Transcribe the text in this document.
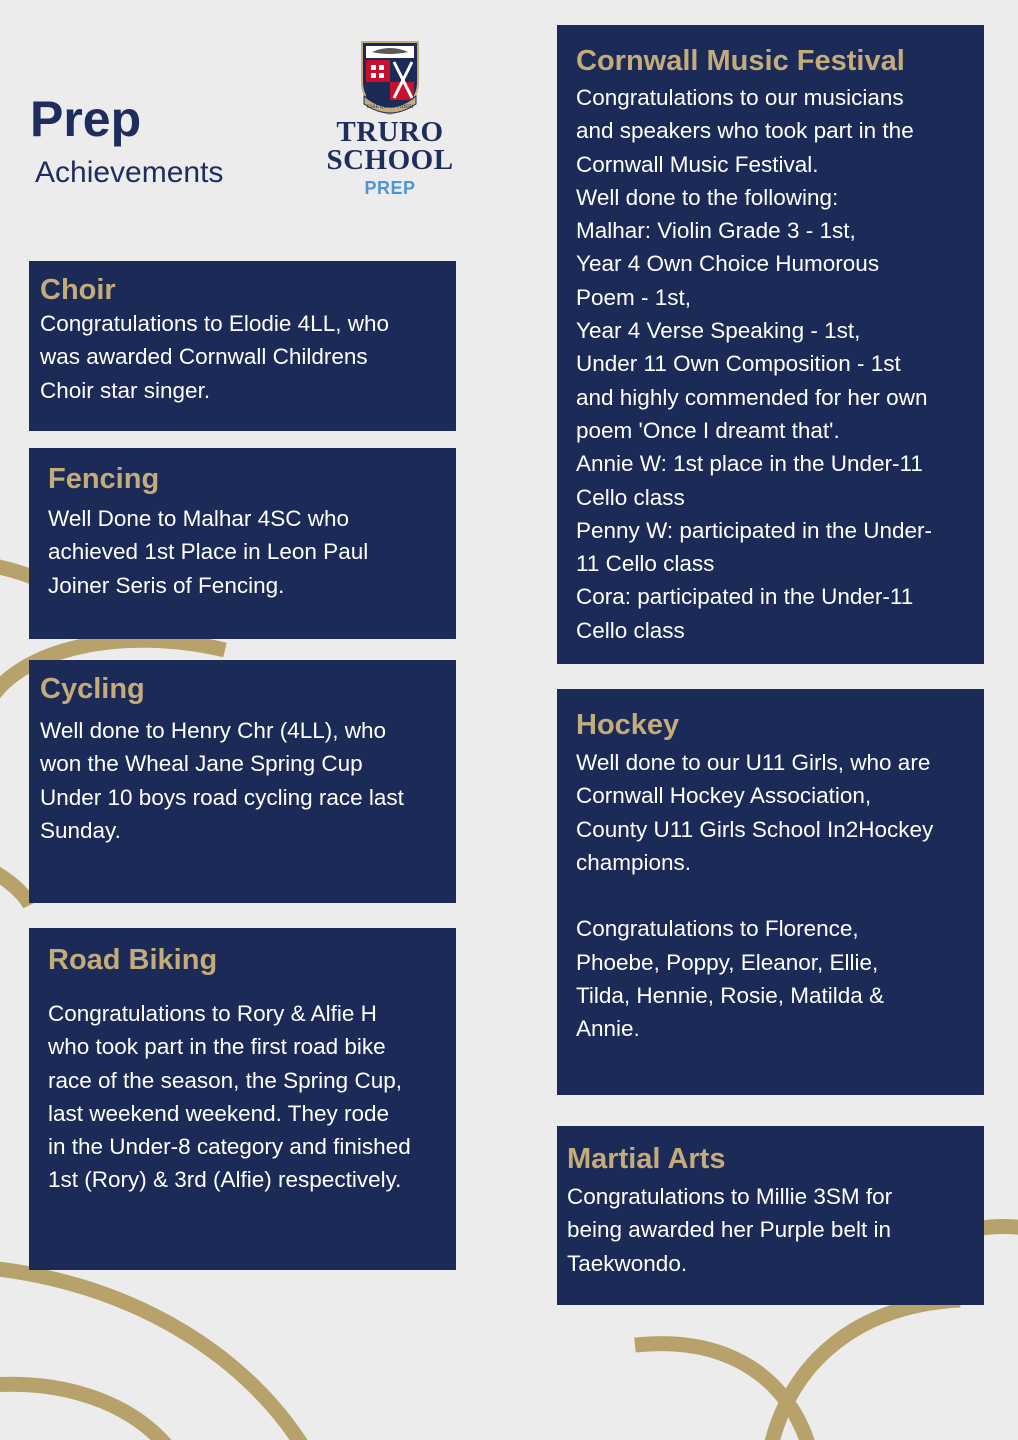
Prep
Achievements
ESSE QUAM VIDERI
TRURO
SCHOOL
PREP
Choir

Congratulations to Elodie 4LL, who
was awarded Cornwall Childrens
Choir star singer.

Fencing

Well Done to Malhar 4SC who
achieved 1st Place in Leon Paul
Joiner Seris of Fencing.

Cycling

Well done to Henry Chr (4LL), who
won the Wheal Jane Spring Cup
Under 10 boys road cycling race last
Sunday.

Road Biking

Congratulations to Rory & Alfie H
who took part in the first road bike
race of the season, the Spring Cup,
last weekend weekend. They rode
in the Under-8 category and finished
1st (Rory) & 3rd (Alfie) respectively.

Cornwall Music Festival

Congratulations to our musicians
and speakers who took part in the
Cornwall Music Festival.
Well done to the following:
Malhar: Violin Grade 3 - 1st,
Year 4 Own Choice Humorous
Poem - 1st,
Year 4 Verse Speaking - 1st,
Under 11 Own Composition - 1st
and highly commended for her own
poem 'Once I dreamt that'.
Annie W: 1st place in the Under-11
Cello class
Penny W: participated in the Under-
11 Cello class
Cora: participated in the Under-11
Cello class

Hockey

Well done to our U11 Girls, who are
Cornwall Hockey Association,
County U11 Girls School In2Hockey
champions.

Congratulations to Florence,
Phoebe, Poppy, Eleanor, Ellie,
Tilda, Hennie, Rosie, Matilda &
Annie.

Martial Arts

Congratulations to Millie 3SM for
being awarded her Purple belt in
Taekwondo.
